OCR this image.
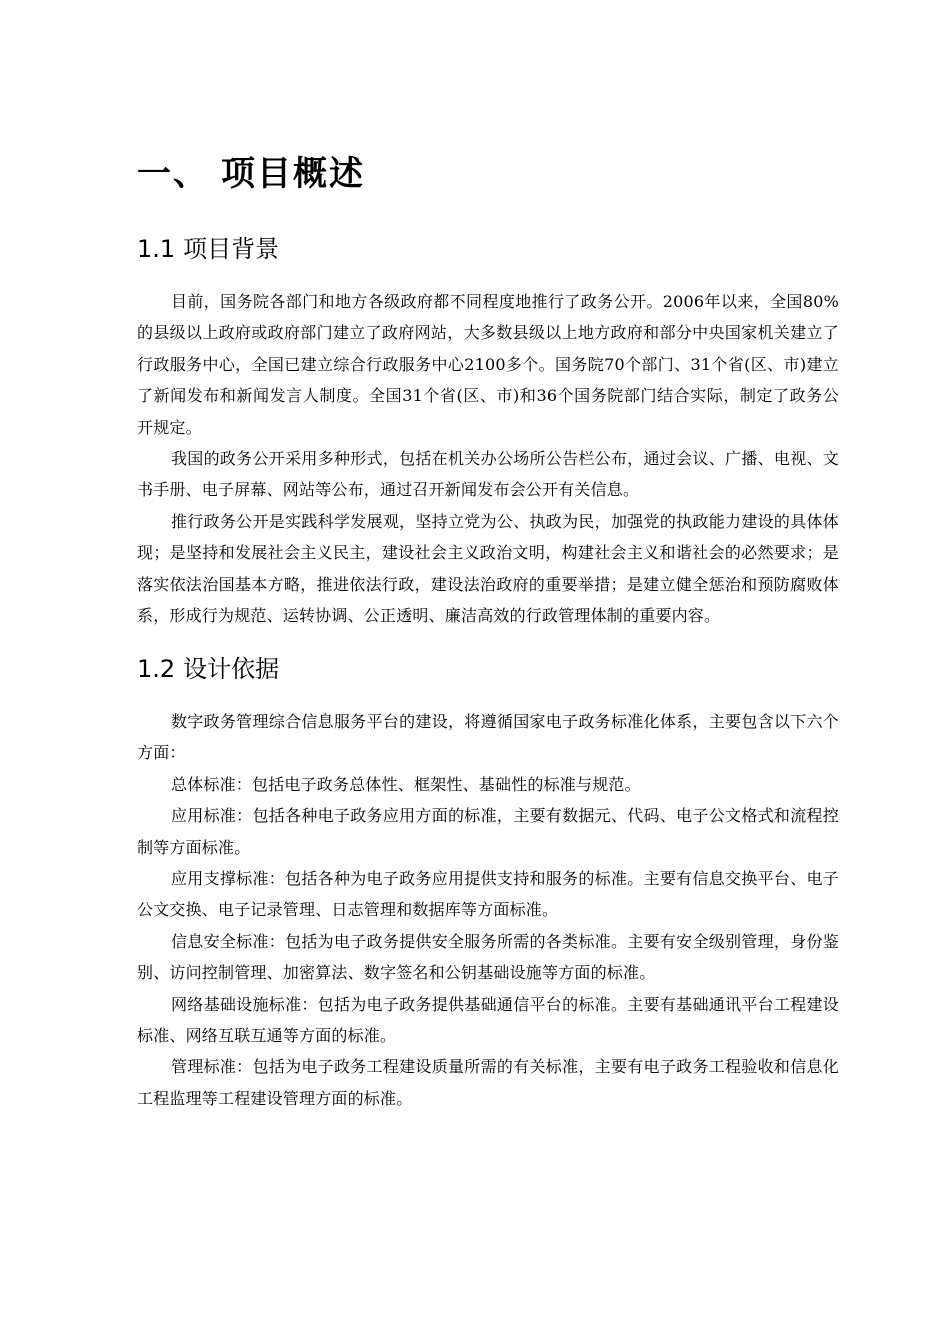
一、 项目概述
1.1 项目背景

目前，国务院各部门和地方各级政府都不同程度地推行了政务公开。2006年以来，全国80%的县级以上政府或政府部门建立了政府网站，大多数县级以上地方政府和部分中央国家机关建立了行政服务中心，全国已建立综合行政服务中心2100多个。国务院70个部门、31个省(区、市)建立了新闻发布和新闻发言人制度。全国31个省(区、市)和36个国务院部门结合实际，制定了政务公开规定。

我国的政务公开采用多种形式，包括在机关办公场所公告栏公布，通过会议、广播、电视、文书手册、电子屏幕、网站等公布，通过召开新闻发布会公开有关信息。

推行政务公开是实践科学发展观，坚持立党为公、执政为民，加强党的执政能力建设的具体体现；是坚持和发展社会主义民主，建设社会主义政治文明，构建社会主义和谐社会的必然要求；是落实依法治国基本方略，推进依法行政，建设法治政府的重要举措；是建立健全惩治和预防腐败体系，形成行为规范、运转协调、公正透明、廉洁高效的行政管理体制的重要内容。

1.2 设计依据

数字政务管理综合信息服务平台的建设，将遵循国家电子政务标准化体系，主要包含以下六个方面：

总体标准：包括电子政务总体性、框架性、基础性的标准与规范。

应用标准：包括各种电子政务应用方面的标准，主要有数据元、代码、电子公文格式和流程控制等方面标准。

应用支撑标准：包括各种为电子政务应用提供支持和服务的标准。主要有信息交换平台、电子公文交换、电子记录管理、日志管理和数据库等方面标准。

信息安全标准：包括为电子政务提供安全服务所需的各类标准。主要有安全级别管理，身份鉴别、访问控制管理、加密算法、数字签名和公钥基础设施等方面的标准。

网络基础设施标准：包括为电子政务提供基础通信平台的标准。主要有基础通讯平台工程建设标准、网络互联互通等方面的标准。

管理标准：包括为电子政务工程建设质量所需的有关标准，主要有电子政务工程验收和信息化工程监理等工程建设管理方面的标准。
